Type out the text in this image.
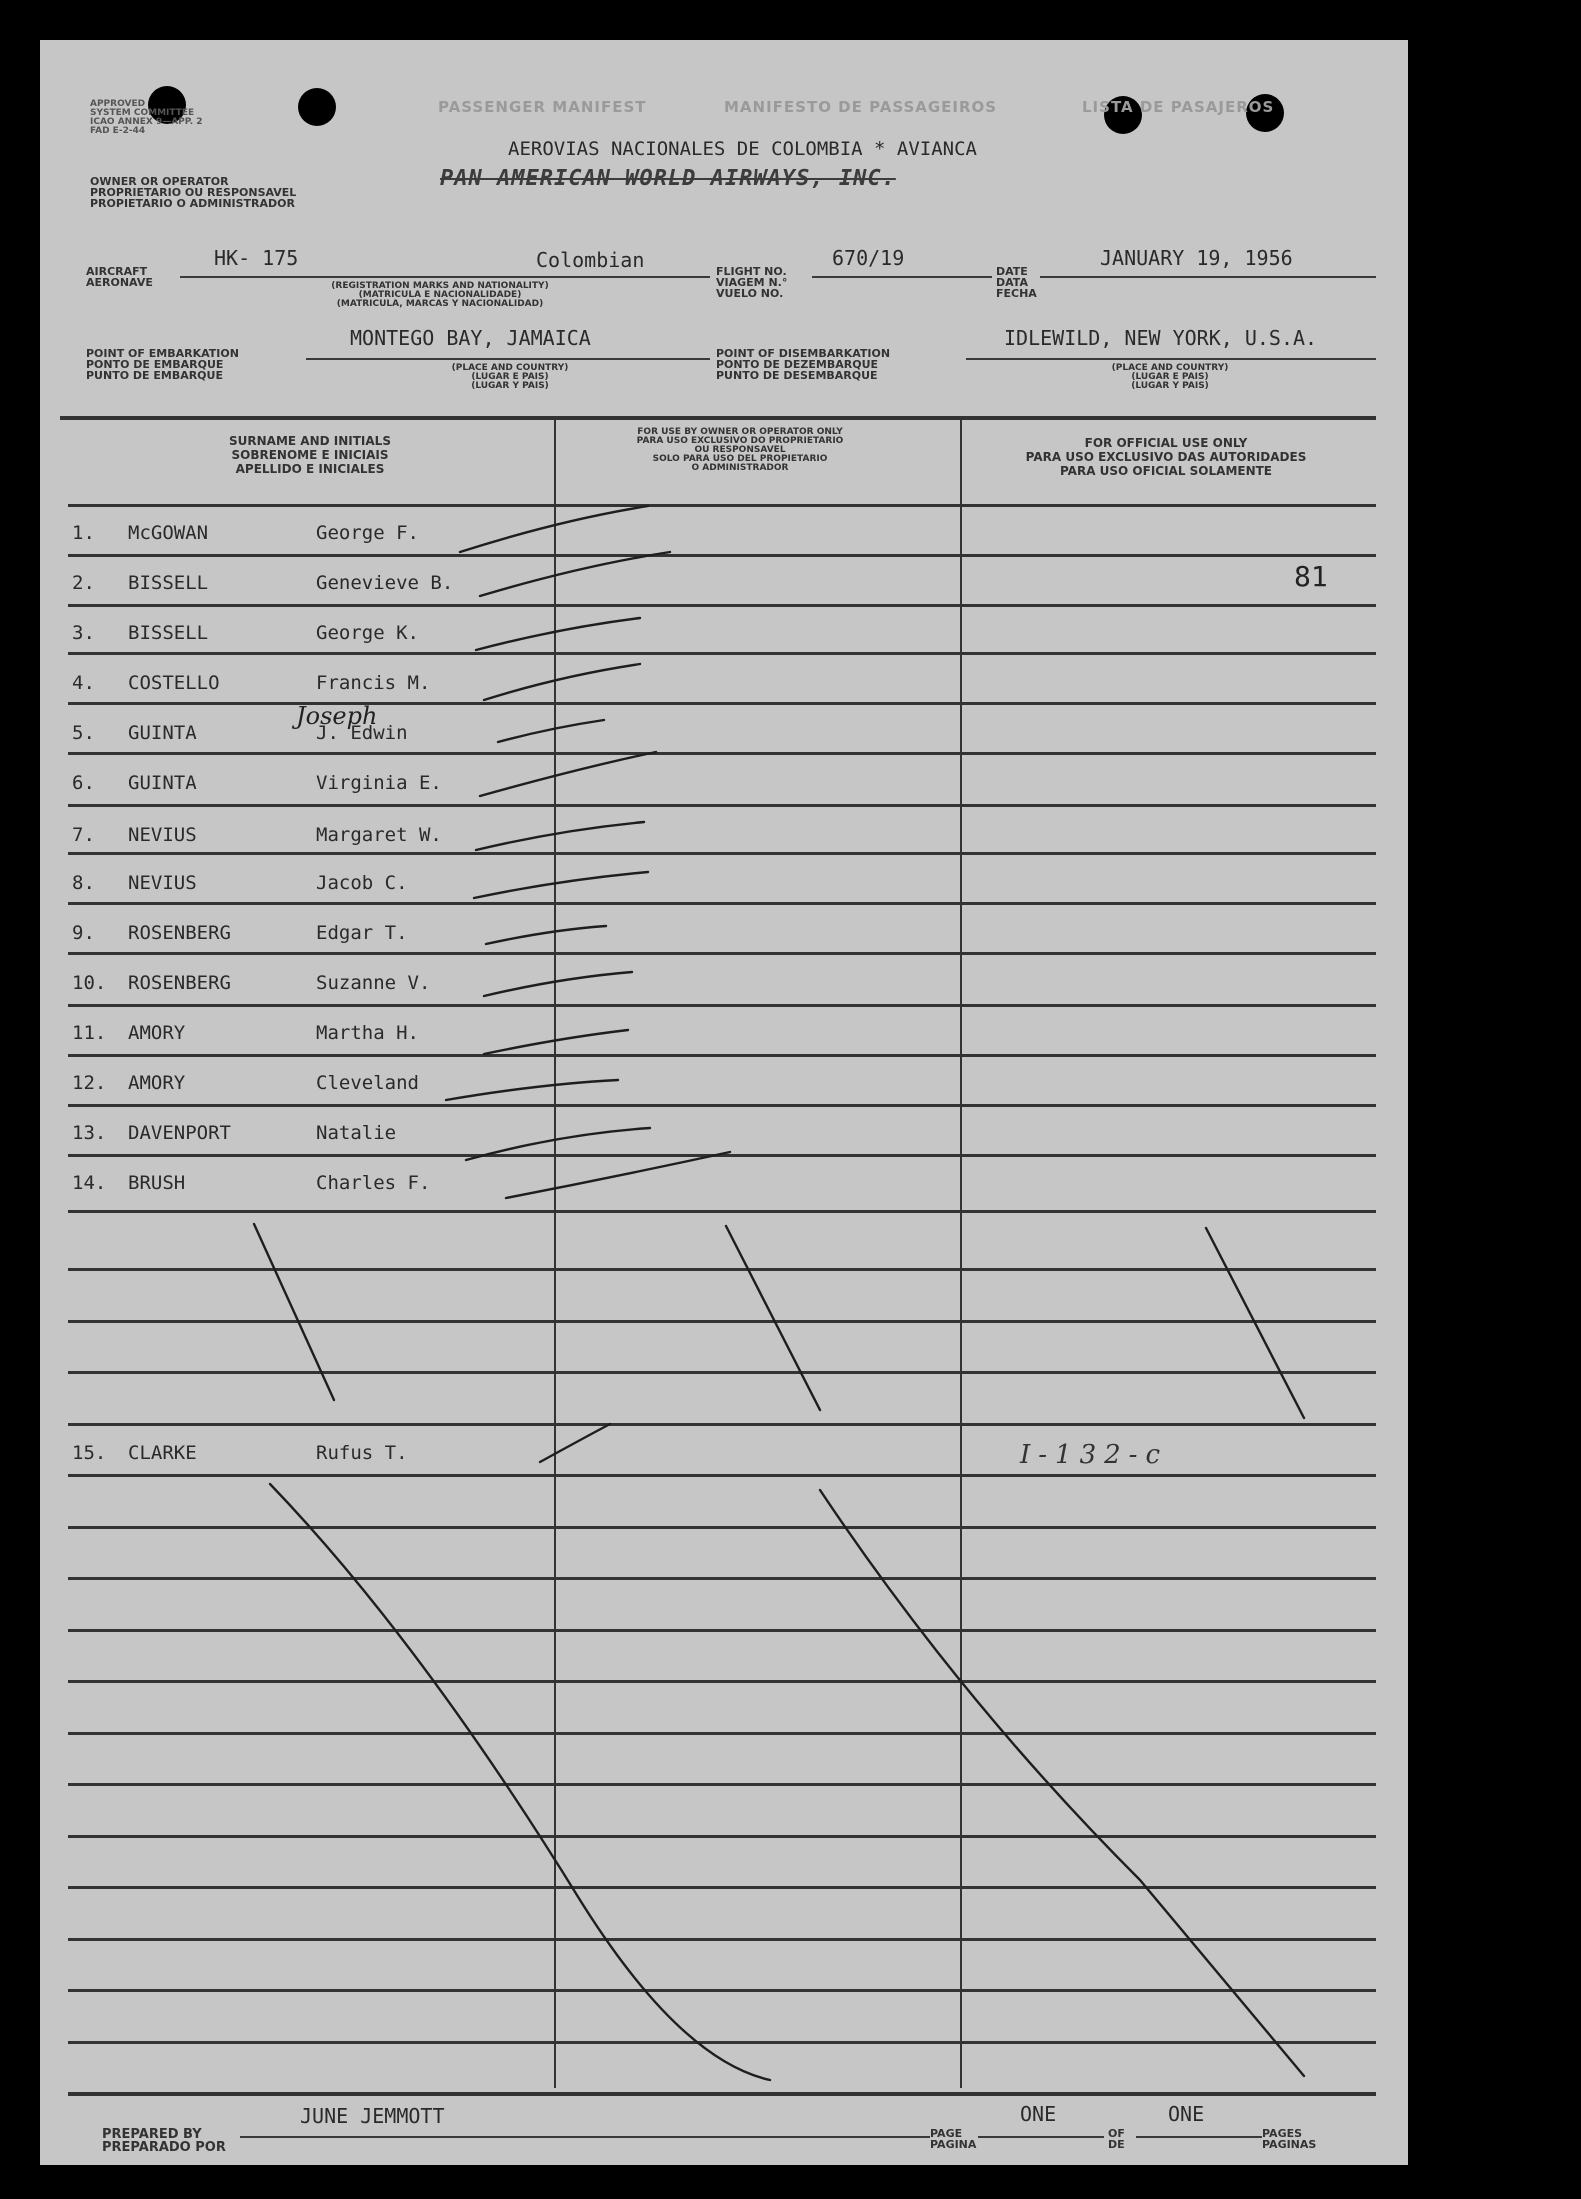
APPROVED
SYSTEM COMMITTEE
ICAO ANNEX 9—APP. 2
FAD E-2-44
PASSENGER MANIFEST	MANIFESTO DE PASSAGEIROS	LISTA DE PASAJEROS
AEROVIAS NACIONALES DE COLOMBIA * AVIANCA
PAN AMERICAN WORLD AIRWAYS, INC.
OWNER OR OPERATOR
PROPRIETARIO OU RESPONSAVEL
PROPIETARIO O ADMINISTRADOR
AIRCRAFT
AERONAVE
HK- 175	Colombian
(REGISTRATION MARKS AND NATIONALITY)
(MATRICULA E NACIONALIDADE)
(MATRICULA, MARCAS Y NACIONALIDAD)
FLIGHT NO.
VIAGEM N.°
VUELO NO.
670/19
DATE
DATA
FECHA
JANUARY 19, 1956
POINT OF EMBARKATION
PONTO DE EMBARQUE
PUNTO DE EMBARQUE
MONTEGO BAY, JAMAICA
(PLACE AND COUNTRY)
(LUGAR E PAIS)
(LUGAR Y PAIS)
POINT OF DISEMBARKATION
PONTO DE DEZEMBARQUE
PUNTO DE DESEMBARQUE
IDLEWILD, NEW YORK, U.S.A.
(PLACE AND COUNTRY)
(LUGAR E PAIS)
(LUGAR Y PAIS)
SURNAME AND INITIALS
SOBRENOME E INICIAIS
APELLIDO E INICIALES
FOR USE BY OWNER OR OPERATOR ONLY
PARA USO EXCLUSIVO DO PROPRIETARIO
OU RESPONSAVEL
SOLO PARA USO DEL PROPIETARIO
O ADMINISTRADOR
FOR OFFICIAL USE ONLY
PARA USO EXCLUSIVO DAS AUTORIDADES
PARA USO OFICIAL SOLAMENTE
1. McGOWAN	George F.
2. BISSELL	Genevieve B.
3. BISSELL	George K.
4. COSTELLO	Francis M.
5. GUINTA	J. Edwin
6. GUINTA	Virginia E.
7. NEVIUS	Margaret W.
8. NEVIUS	Jacob C.
9. ROSENBERG	Edgar T.
10. ROSENBERG	Suzanne V.
11. AMORY	Martha H.
12. AMORY	Cleveland
13. DAVENPORT	Natalie
14. BRUSH	Charles F.
15. CLARKE	Rufus T.
81
Joseph
I-132-c
PREPARED BY
PREPARADO POR
JUNE JEMMOTT
PAGE
PAGINA
ONE
OF
DE
ONE
PAGES
PAGINAS
